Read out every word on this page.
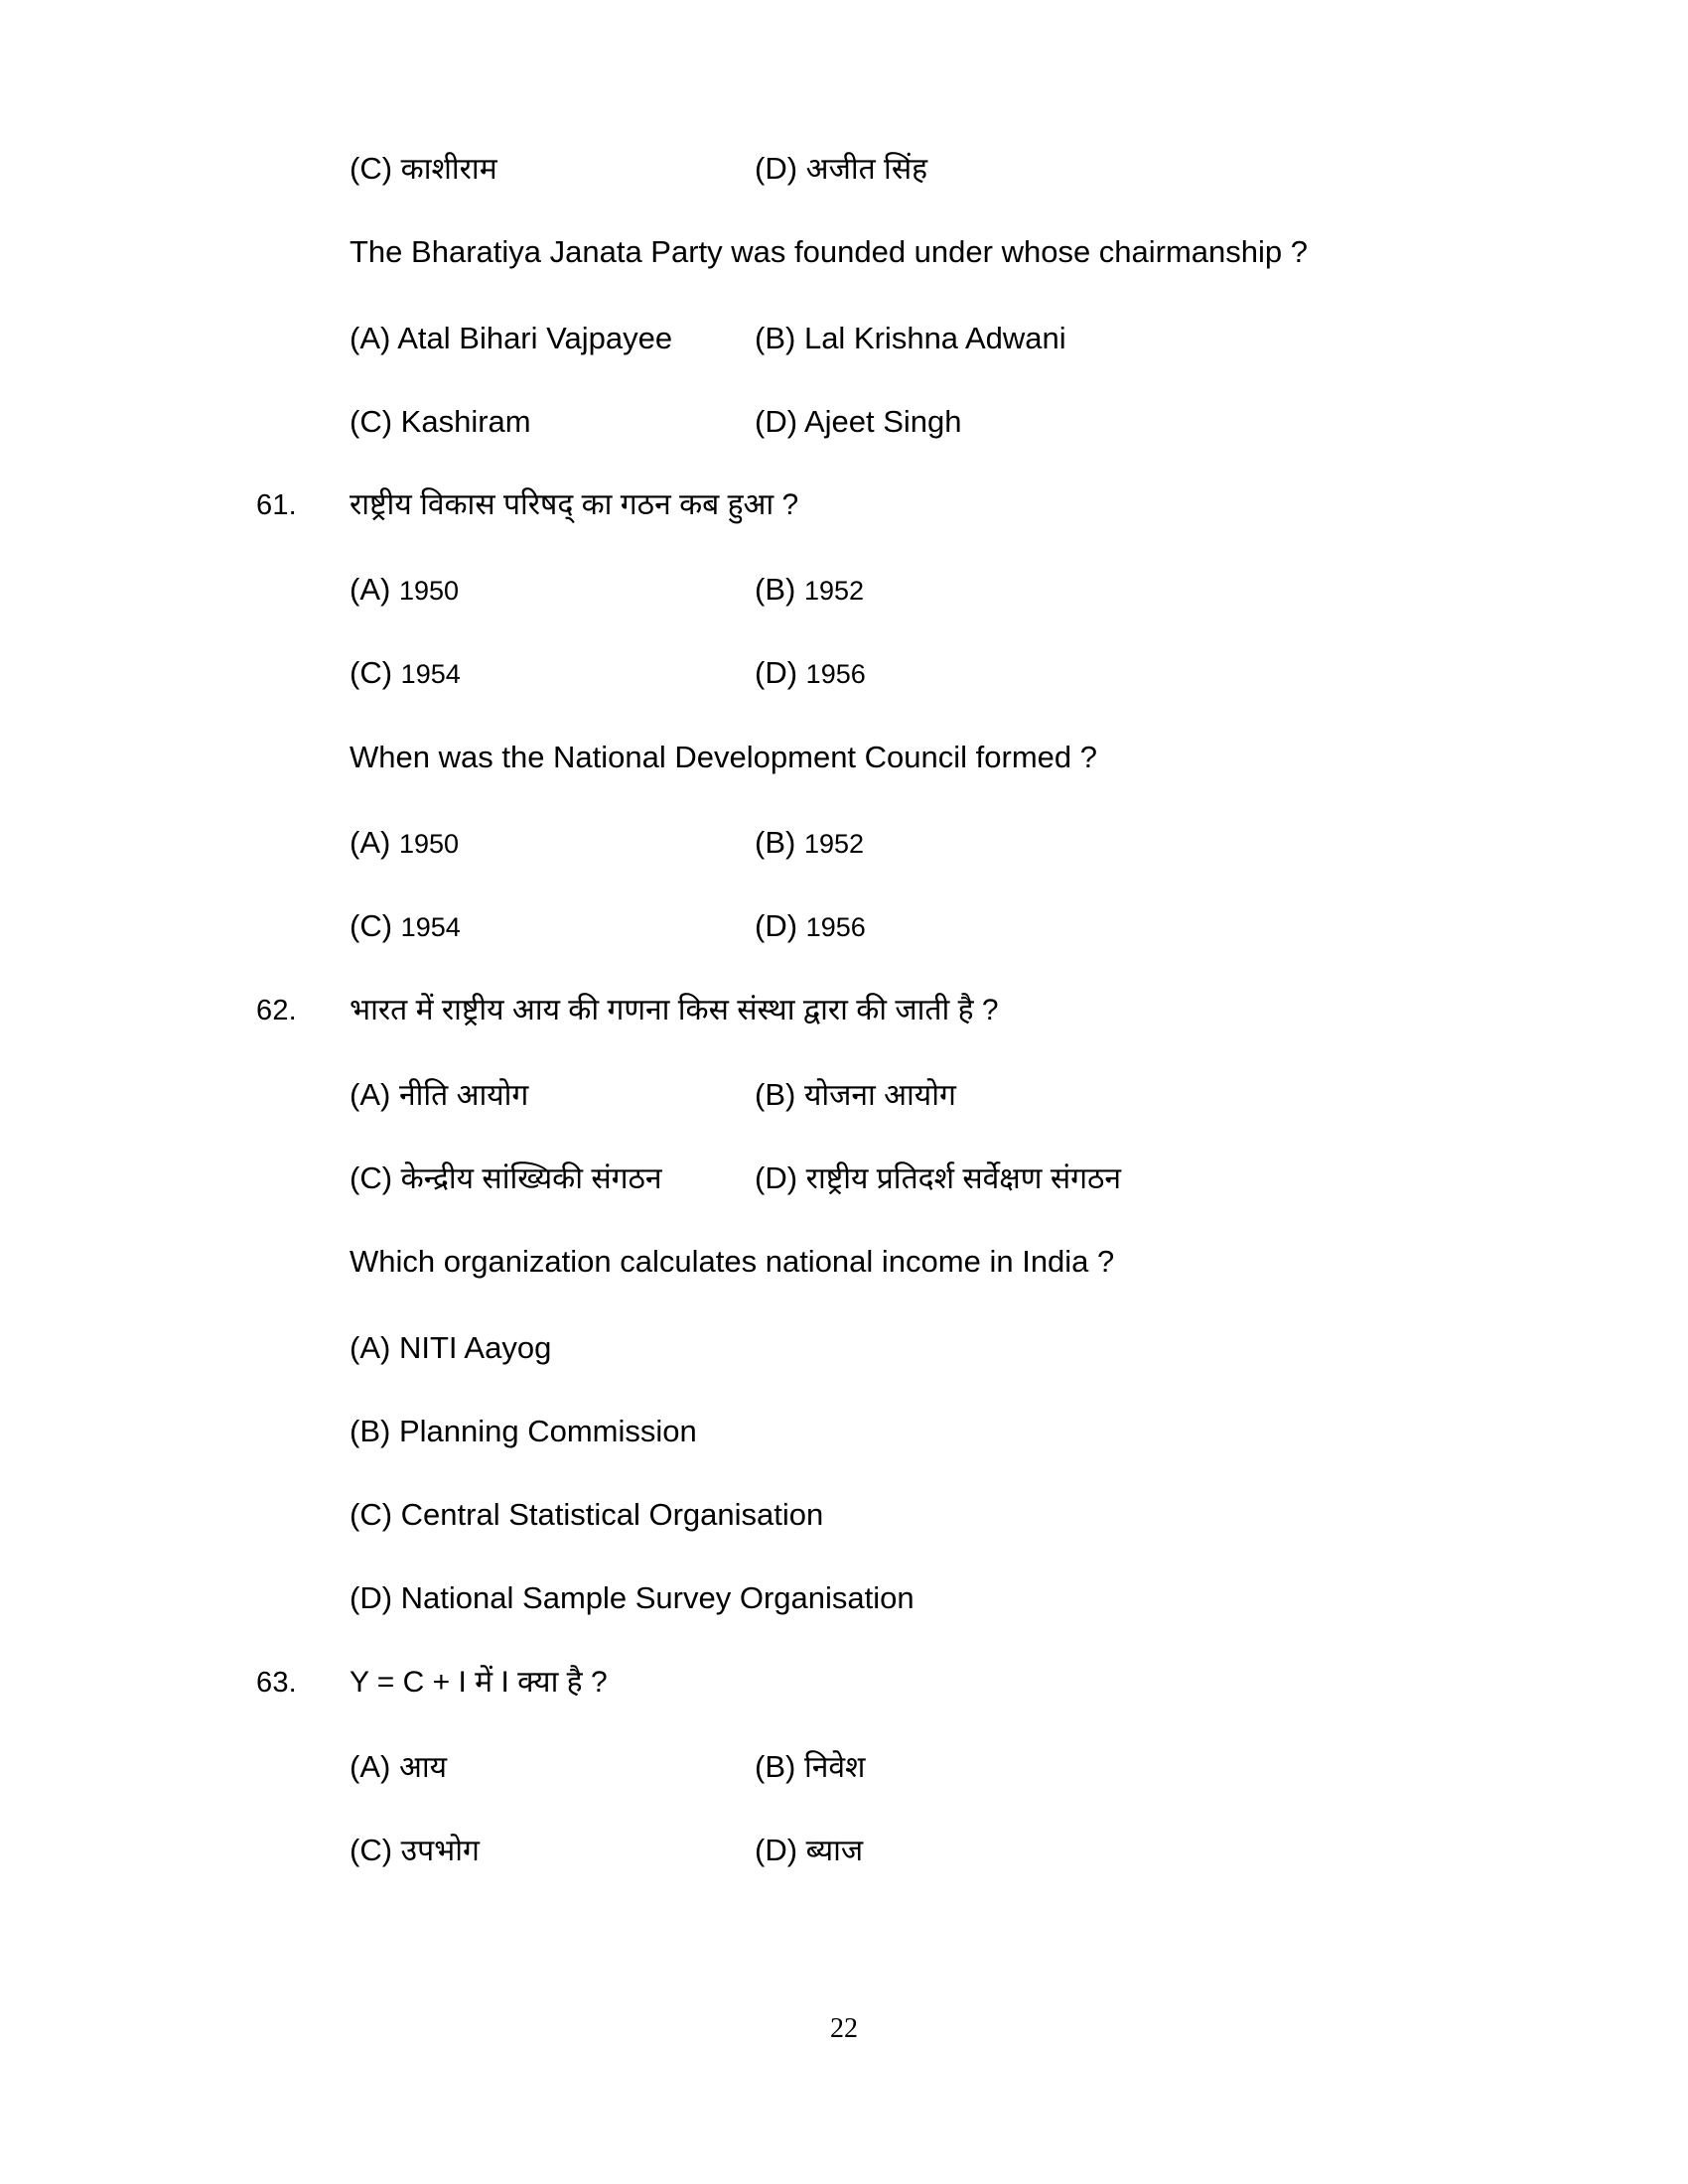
(C) काशीराम	(D) अजीत सिंह
The Bharatiya Janata Party was founded under whose chairmanship ?
(A) Atal Bihari Vajpayee	(B) Lal Krishna Adwani
(C) Kashiram	(D) Ajeet Singh
61.	राष्ट्रीय विकास परिषद् का गठन कब हुआ ?
(A) 1950	(B) 1952
(C) 1954	(D) 1956
When was the National Development Council formed ?
(A) 1950	(B) 1952
(C) 1954	(D) 1956
62.	भारत में राष्ट्रीय आय की गणना किस संस्था द्वारा की जाती है ?
(A) नीति आयोग	(B) योजना आयोग
(C) केन्द्रीय सांख्यिकी संगठन	(D) राष्ट्रीय प्रतिदर्श सर्वेक्षण संगठन
Which organization calculates national income in India ?
(A) NITI Aayog
(B) Planning Commission
(C) Central Statistical Organisation
(D) National Sample Survey Organisation
63.	Y = C + I में I क्या है ?
(A) आय	(B) निवेश
(C) उपभोग	(D) ब्याज
22
